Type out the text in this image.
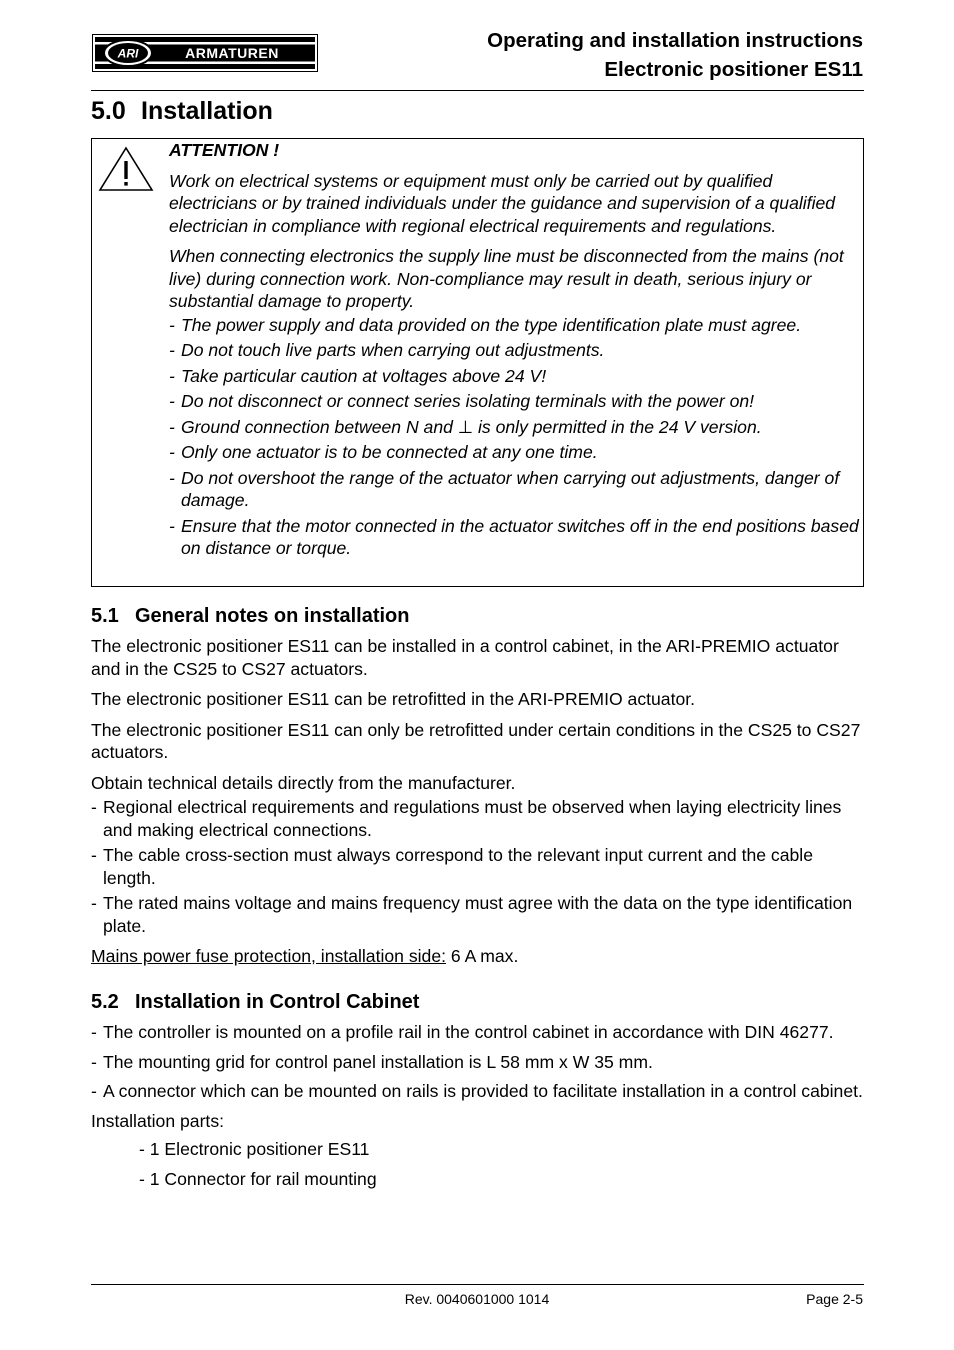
ARI	ARMATUREN
Operating and installation instructions
Electronic positioner ES11
5.0 Installation

ATTENTION !

Work on electrical systems or equipment must only be carried out by qualified electricians or by trained individuals under the guidance and supervision of a qualified electrician in compliance with regional electrical requirements and regulations.

When connecting electronics the supply line must be disconnected from the mains (not live) during connection work. Non-compliance may result in death, serious injury or substantial damage to property.

- The power supply and data provided on the type identification plate must agree.
- Do not touch live parts when carrying out adjustments.
- Take particular caution at voltages above 24 V!
- Do not disconnect or connect series isolating terminals with the power on!
- Ground connection between N and ⊥ is only permitted in the 24 V version.
- Only one actuator is to be connected at any one time.
- Do not overshoot the range of the actuator when carrying out adjustments, danger of damage.
- Ensure that the motor connected in the actuator switches off in the end positions based on distance or torque.
5.1 General notes on installation

The electronic positioner ES11 can be installed in a control cabinet, in the ARI-PREMIO actuator and in the CS25 to CS27 actuators.

The electronic positioner ES11 can be retrofitted in the ARI-PREMIO actuator.

The electronic positioner ES11 can only be retrofitted under certain conditions in the CS25 to CS27 actuators.

Obtain technical details directly from the manufacturer.

- Regional electrical requirements and regulations must be observed when laying electricity lines and making electrical connections.
- The cable cross-section must always correspond to the relevant input current and the cable length.
- The rated mains voltage and mains frequency must agree with the data on the type identification plate.

Mains power fuse protection, installation side: 6 A max.

5.2 Installation in Control Cabinet
- The controller is mounted on a profile rail in the control cabinet in accordance with DIN 46277.
- The mounting grid for control panel installation is L 58 mm x W 35 mm.
- A connector which can be mounted on rails is provided to facilitate installation in a control cabinet.

Installation parts:

- 1 Electronic positioner ES11
- 1 Connector for rail mounting
Rev. 0040601000 1014	Page 2-5
